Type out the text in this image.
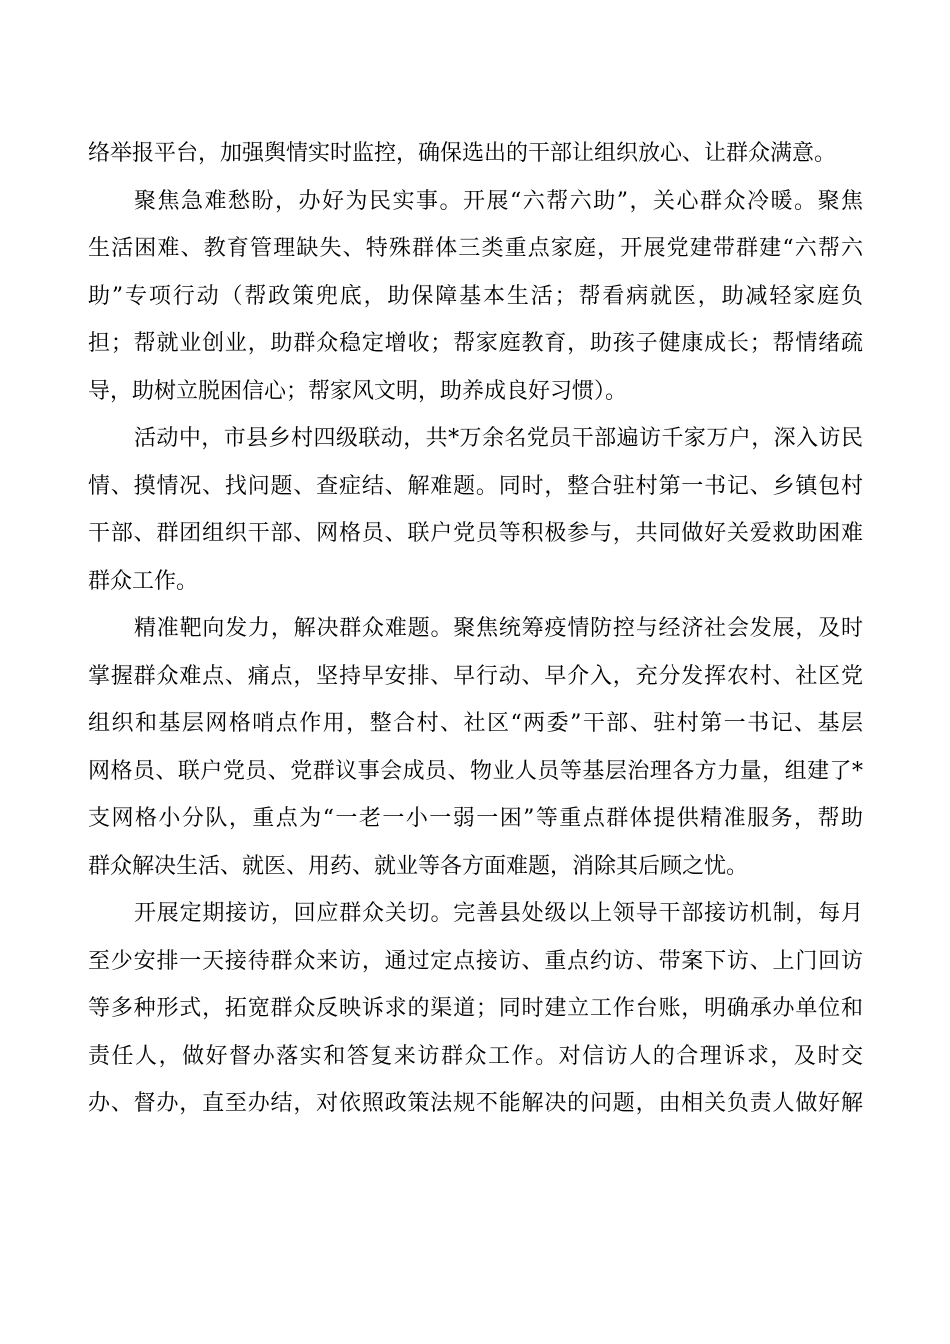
络举报平台，加强舆情实时监控，确保选出的干部让组织放心、让群众满意。
聚焦急难愁盼，办好为民实事。开展“六帮六助”，关心群众冷暖。聚焦
生活困难、教育管理缺失、特殊群体三类重点家庭，开展党建带群建“六帮六
助”专项行动（帮政策兜底，助保障基本生活；帮看病就医，助减轻家庭负
担；帮就业创业，助群众稳定增收；帮家庭教育，助孩子健康成长；帮情绪疏
导，助树立脱困信心；帮家风文明，助养成良好习惯）。
活动中，市县乡村四级联动，共*万余名党员干部遍访千家万户，深入访民
情、摸情况、找问题、查症结、解难题。同时，整合驻村第一书记、乡镇包村
干部、群团组织干部、网格员、联户党员等积极参与，共同做好关爱救助困难
群众工作。
精准靶向发力，解决群众难题。聚焦统筹疫情防控与经济社会发展，及时
掌握群众难点、痛点，坚持早安排、早行动、早介入，充分发挥农村、社区党
组织和基层网格哨点作用，整合村、社区“两委”干部、驻村第一书记、基层
网格员、联户党员、党群议事会成员、物业人员等基层治理各方力量，组建了*
支网格小分队，重点为“一老一小一弱一困”等重点群体提供精准服务，帮助
群众解决生活、就医、用药、就业等各方面难题，消除其后顾之忧。
开展定期接访，回应群众关切。完善县处级以上领导干部接访机制，每月
至少安排一天接待群众来访，通过定点接访、重点约访、带案下访、上门回访
等多种形式，拓宽群众反映诉求的渠道；同时建立工作台账，明确承办单位和
责任人，做好督办落实和答复来访群众工作。对信访人的合理诉求，及时交
办、督办，直至办结，对依照政策法规不能解决的问题，由相关负责人做好解
